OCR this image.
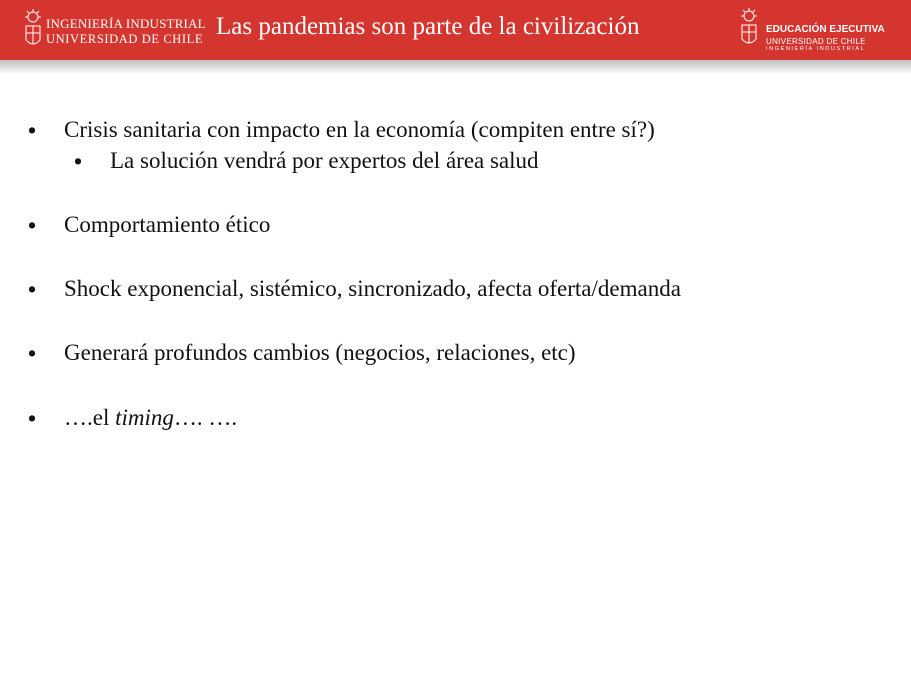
INGENIERÍA INDUSTRIAL
UNIVERSIDAD DE CHILE Las pandemias son parte de la civilización	EDUCACIÓN EJECUTIVA
UNIVERSIDAD DE CHILE
INGENIERÍA INDUSTRIAL
• Crisis sanitaria con impacto en la economía (compiten entre sí?)
• La solución vendrá por expertos del área salud
• Comportamiento ético
• Shock exponencial, sistémico, sincronizado, afecta oferta/demanda
• Generará profundos cambios (negocios, relaciones, etc)
• ….el timing…. ….
